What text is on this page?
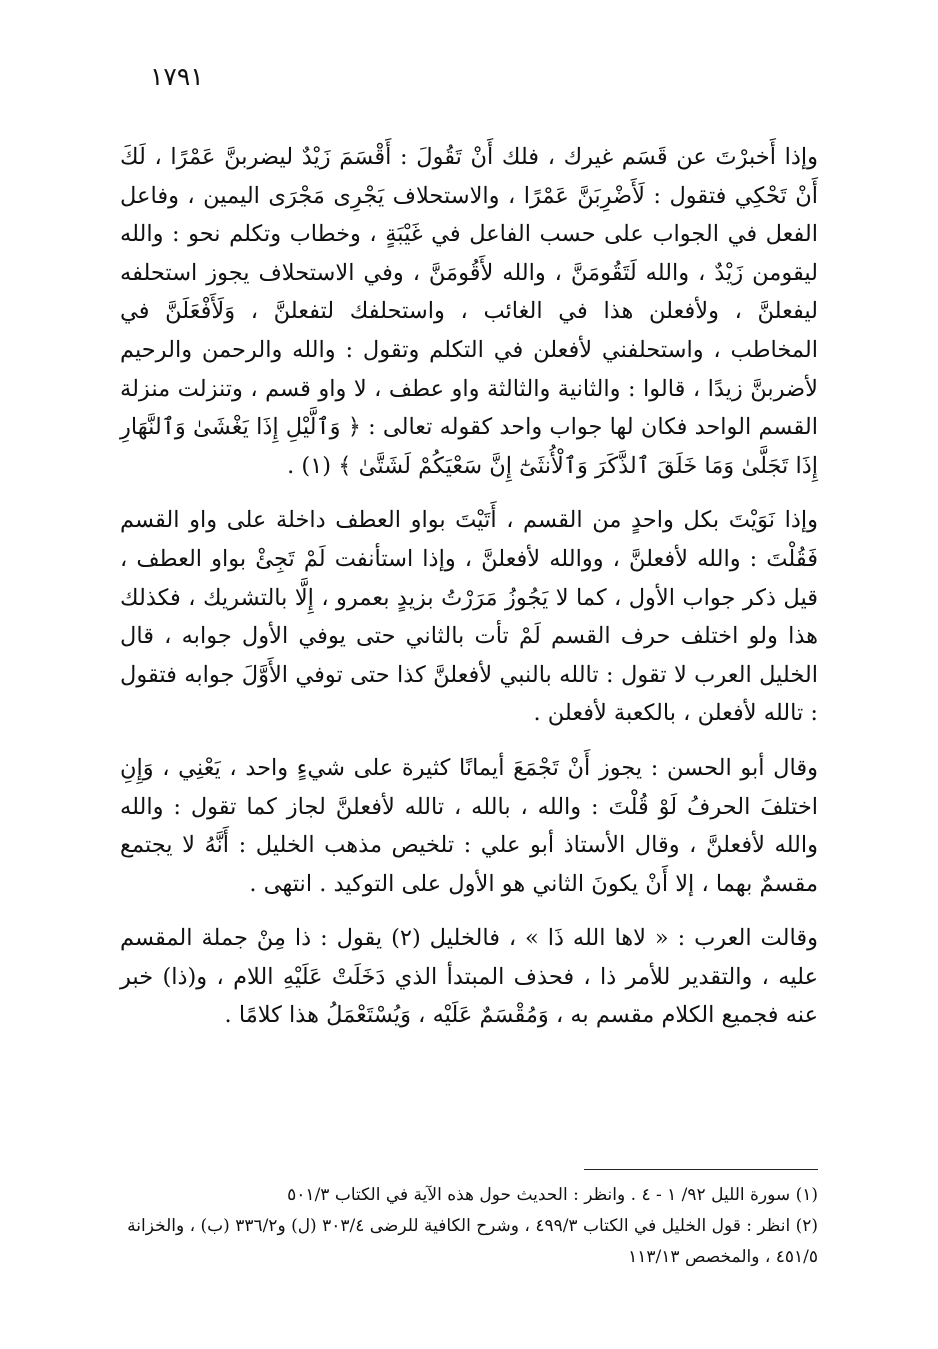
١٧٩١

وإذا أَخبرْتَ عن قَسَم غيرك ، فلك أَنْ تَقُولَ : أَقْسَمَ زَيْدٌ ليضربنَّ عَمْرًا ، لَكَ أَنْ تَحْكِي فتقول : لَأَضْرِبَنَّ عَمْرًا ، والاستحلاف يَجْرِى مَجْرَى اليمين ، وفاعل الفعل في الجواب على حسب الفاعل في غَيْبَةٍ ، وخطاب وتكلم نحو : والله ليقومن زَيْدٌ ، والله لَتَقُومَنَّ ، والله لأَقُومَنَّ ، وفي الاستحلاف يجوز استحلفه ليفعلنَّ ، ولأفعلن هذا في الغائب ، واستحلفك لتفعلنَّ ، وَلَأَفْعَلَنَّ في المخاطب ، واستحلفني لأفعلن في التكلم وتقول : والله والرحمن والرحيم لأضربنَّ زيدًا ، قالوا : والثانية والثالثة واو عطف ، لا واو قسم ، وتنزلت منزلة القسم الواحد فكان لها جواب واحد كقوله تعالى : ﴿ وَٱلَّيْلِ إِذَا يَغْشَىٰ وَٱلنَّهَارِ إِذَا تَجَلَّىٰ وَمَا خَلَقَ ٱلذَّكَرَ وَٱلْأُنثَىٰٓ إِنَّ سَعْيَكُمْ لَشَتَّىٰ ﴾ (١) .

وإذا نَوَيْتَ بكل واحدٍ من القسم ، أَتَيْتَ بواو العطف داخلة على واو القسم فَقُلْتَ : والله لأفعلنَّ ، ووالله لأفعلنَّ ، وإذا استأنفت لَمْ تَجِئْ بواو العطف ، قيل ذكر جواب الأول ، كما لا يَجُوزُ مَرَرْتُ بزيدٍ بعمرو ، إِلَّا بالتشريك ، فكذلك هذا ولو اختلف حرف القسم لَمْ تأت بالثاني حتى يوفي الأول جوابه ، قال الخليل العرب لا تقول : تالله بالنبي لأفعلنَّ كذا حتى توفي الأَوَّلَ جوابه فتقول : تالله لأفعلن ، بالكعبة لأفعلن .

وقال أبو الحسن : يجوز أَنْ تَجْمَعَ أيمانًا كثيرة على شيءٍ واحد ، يَعْنِي ، وَإِنِ اختلفَ الحرفُ لَوْ قُلْتَ : والله ، بالله ، تالله لأفعلنَّ لجاز كما تقول : والله والله لأفعلنَّ ، وقال الأستاذ أبو علي : تلخيص مذهب الخليل : أَنَّهُ لا يجتمع مقسمٌ بهما ، إلا أَنْ يكونَ الثاني هو الأول على التوكيد . انتهى .

وقالت العرب : « لاها الله ذَا » ، فالخليل (٢) يقول : ذا مِنْ جملة المقسم عليه ، والتقدير للأمر ذا ، فحذف المبتدأ الذي دَخَلَتْ عَلَيْهِ اللام ، و(ذا) خبر عنه فجميع الكلام مقسم به ، وَمُقْسَمٌ عَلَيْه ، وَيُسْتَعْمَلُ هذا كلامًا .

(١) سورة الليل ٩٢/ ١ - ٤ . وانظر : الحديث حول هذه الآية في الكتاب ٥٠١/٣

(٢) انظر : قول الخليل في الكتاب ٤٩٩/٣ ، وشرح الكافية للرضى ٣٠٣/٤ (ل) و٣٣٦/٢ (ب) ، والخزانة ٤٥١/٥ ، والمخصص ١١٣/١٣
